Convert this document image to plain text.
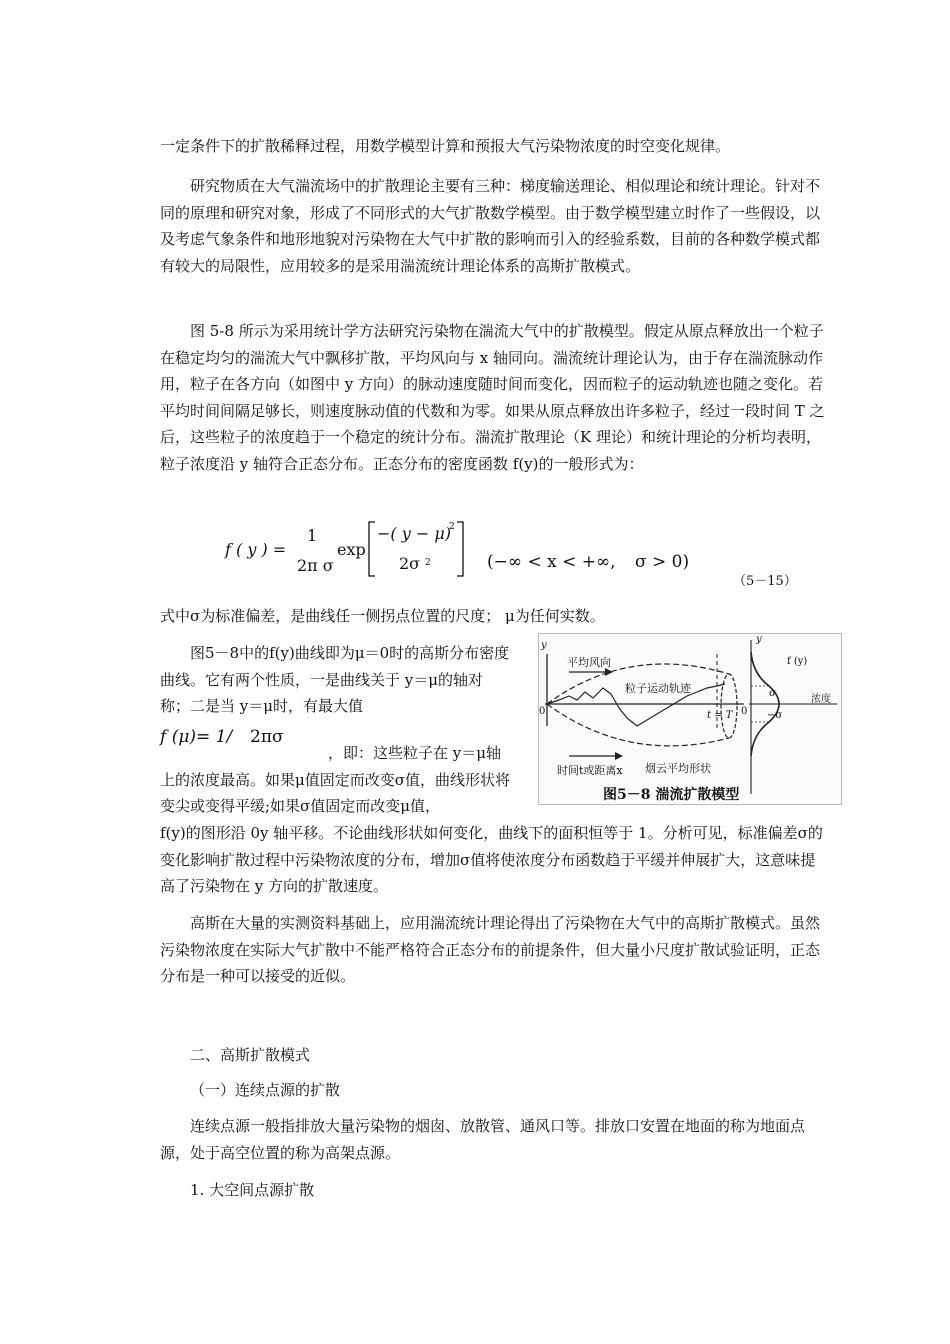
一定条件下的扩散稀释过程，用数学模型计算和预报大气污染物浓度的时空变化规律。

研究物质在大气湍流场中的扩散理论主要有三种：梯度输送理论、相似理论和统计理论。针对不同的原理和研究对象，形成了不同形式的大气扩散数学模型。由于数学模型建立时作了一些假设，以及考虑气象条件和地形地貌对污染物在大气中扩散的影响而引入的经验系数，目前的各种数学模式都有较大的局限性，应用较多的是采用湍流统计理论体系的高斯扩散模式。

图 5-8 所示为采用统计学方法研究污染物在湍流大气中的扩散模型。假定从原点释放出一个粒子在稳定均匀的湍流大气中飘移扩散，平均风向与 x 轴同向。湍流统计理论认为，由于存在湍流脉动作用，粒子在各方向（如图中 y 方向）的脉动速度随时间而变化，因而粒子的运动轨迹也随之变化。若平均时间间隔足够长，则速度脉动值的代数和为零。如果从原点释放出许多粒子，经过一段时间 T 之后，这些粒子的浓度趋于一个稳定的统计分布。湍流扩散理论（K 理论）和统计理论的分析均表明，粒子浓度沿 y 轴符合正态分布。正态分布的密度函数 f(y)的一般形式为：

f ( y ) =
1
2π σ
exp
−( y − μ)
2
2σ 2	(−∞ < x < +∞, σ > 0)
（5－15）

式中σ为标准偏差，是曲线任一侧拐点位置的尺度； μ为任何实数。

图5－8中的f(y)曲线即为μ＝0时的高斯分布密度曲线。它有两个性质，一是曲线关于 y＝μ的轴对称；二是当 y＝μ时，有最大值

f (μ)= 1/ 2πσ

，即：这些粒子在 y＝μ轴上的浓度最高。如果μ值固定而改变σ值，曲线形状将变尖或变得平缓;如果σ值固定而改变μ值，

f(y)的图形沿 0y 轴平移。不论曲线形状如何变化，曲线下的面积恒等于 1。分析可见，标准偏差σ的变化影响扩散过程中污染物浓度的分布，增加σ值将使浓度分布函数趋于平缓并伸展扩大，这意味提高了污染物在 y 方向的扩散速度。

平均风向
粒子运动轨迹
时间t或距离x 烟云平均形状
t = T
y
0
y
0
f (y)
浓度
σ
−σ
图5－8 湍流扩散模型

高斯在大量的实测资料基础上，应用湍流统计理论得出了污染物在大气中的高斯扩散模式。虽然污染物浓度在实际大气扩散中不能严格符合正态分布的前提条件，但大量小尺度扩散试验证明，正态分布是一种可以接受的近似。

二、高斯扩散模式
（一）连续点源的扩散

连续点源一般指排放大量污染物的烟囱、放散管、通风口等。排放口安置在地面的称为地面点源，处于高空位置的称为高架点源。

1. 大空间点源扩散
